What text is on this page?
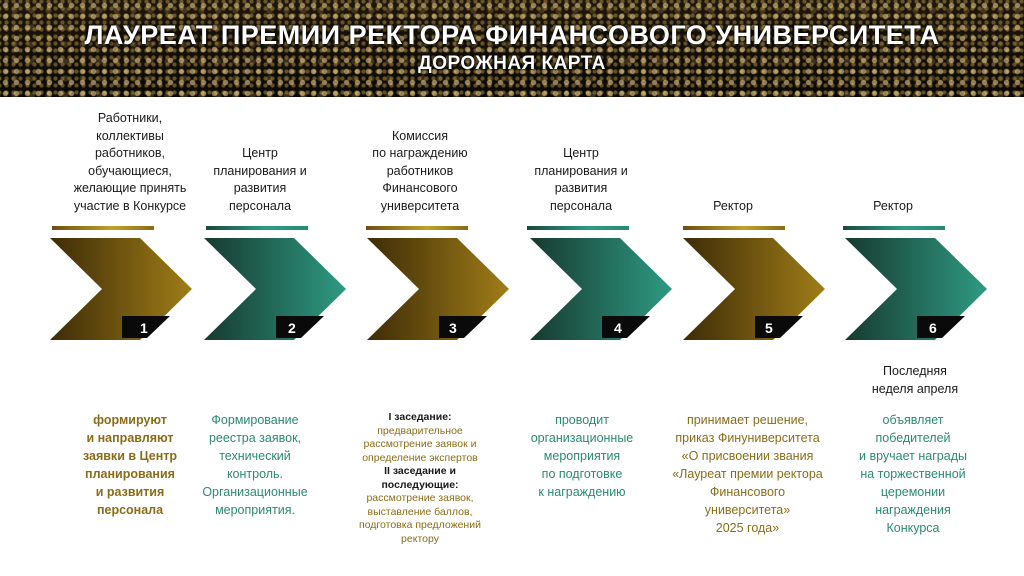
ЛАУРЕАТ ПРЕМИИ РЕКТОРА ФИНАНСОВОГО УНИВЕРСИТЕТА
ДОРОЖНАЯ КАРТА
Работники,
коллективы
работников,
обучающиеся,
желающие принять
участие в Конкурсе
Центр
планирования и
развития
персонала
Комиссия
по награждению
работников
Финансового
университета
Центр
планирования и
развития
персонала	Ректор	Ректор
1	2	3	4	5	6
Последняя
неделя апреля
формируют
и направляют
заявки в Центр
планирования
и развития
персонала
Формирование
реестра заявок,
технический
контроль.
Организационные
мероприятия.
I заседание:
предварительное
рассмотрение заявок и
определение экспертов
II заседание и
последующие:
рассмотрение заявок,
выставление баллов,
подготовка предложений
ректору
проводит
организационные
мероприятия
по подготовке
к награждению
принимает решение,
приказ Финуниверситета
«О присвоении звания
«Лауреат премии ректора
Финансового
университета»
2025 года»
объявляет
победителей
и вручает награды
на торжественной
церемонии
награждения
Конкурса
